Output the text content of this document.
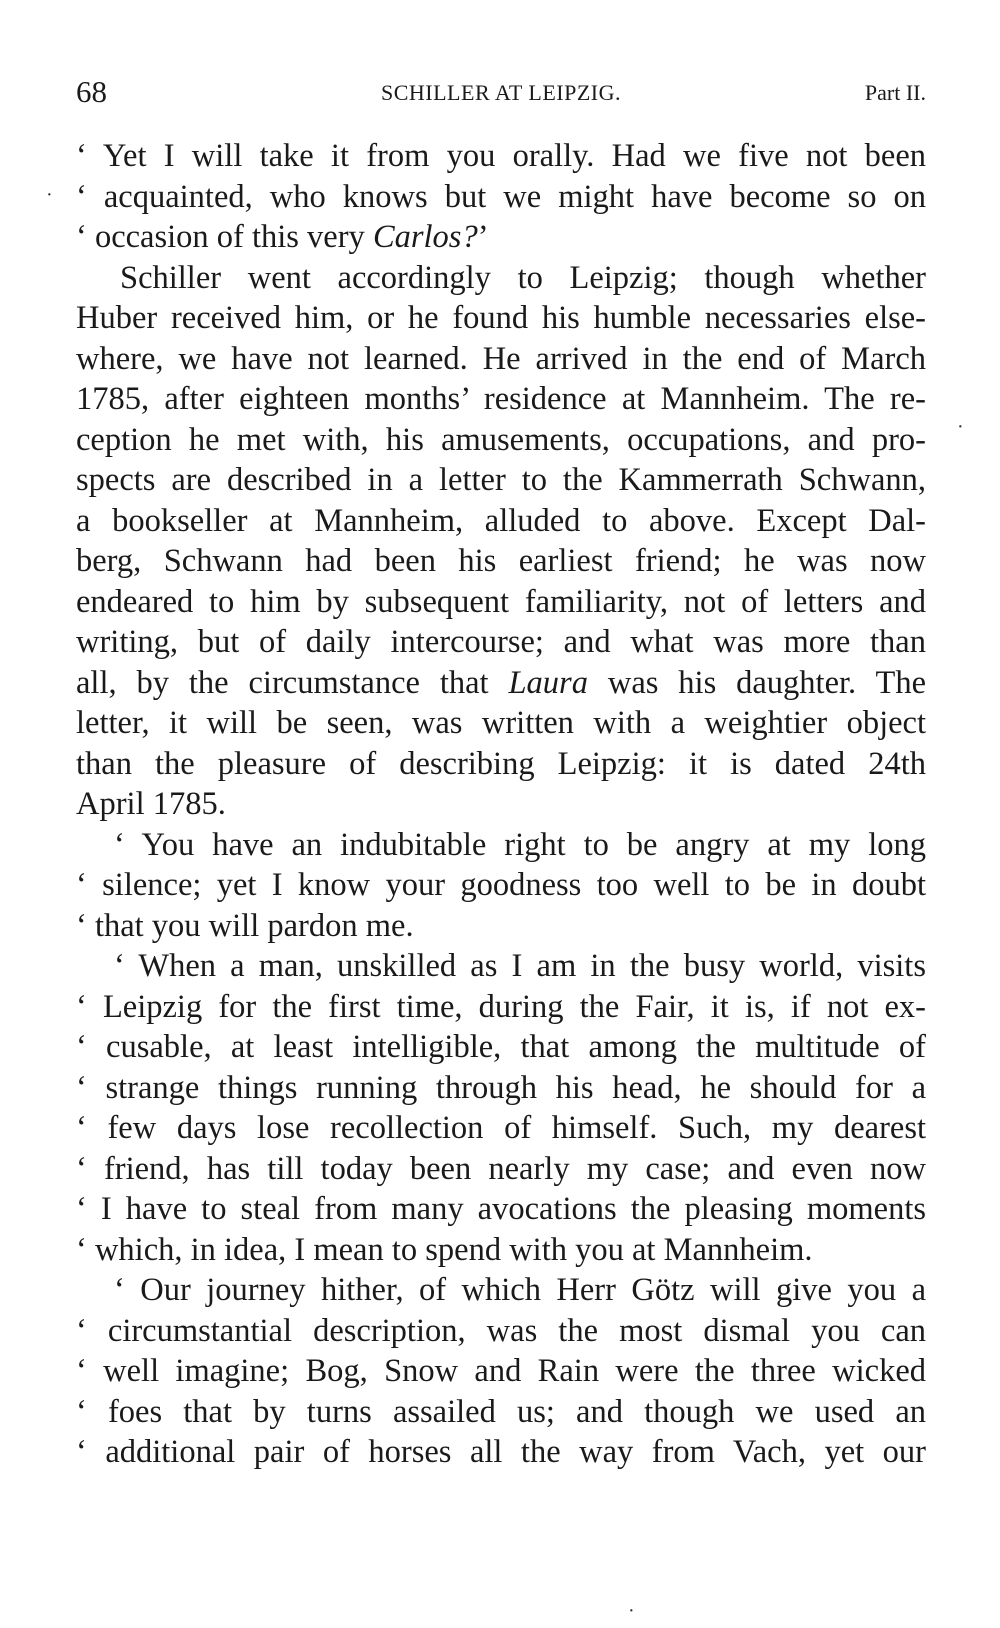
68	SCHILLER AT LEIPZIG.	Part II.
‘ Yet I will take it from you orally. Had we five not been
‘ acquainted, who knows but we might have become so on
‘ occasion of this very Carlos?’
Schiller went accordingly to Leipzig; though whether
Huber received him, or he found his humble necessaries else-
where, we have not learned. He arrived in the end of March
1785, after eighteen months’ residence at Mannheim. The re-
ception he met with, his amusements, occupations, and pro-
spects are described in a letter to the Kammerrath Schwann,
a bookseller at Mannheim, alluded to above. Except Dal-
berg, Schwann had been his earliest friend; he was now
endeared to him by subsequent familiarity, not of letters and
writing, but of daily intercourse; and what was more than
all, by the circumstance that Laura was his daughter. The
letter, it will be seen, was written with a weightier object
than the pleasure of describing Leipzig: it is dated 24th
April 1785.
‘ You have an indubitable right to be angry at my long
‘ silence; yet I know your goodness too well to be in doubt
‘ that you will pardon me.
‘ When a man, unskilled as I am in the busy world, visits
‘ Leipzig for the first time, during the Fair, it is, if not ex-
‘ cusable, at least intelligible, that among the multitude of
‘ strange things running through his head, he should for a
‘ few days lose recollection of himself. Such, my dearest
‘ friend, has till today been nearly my case; and even now
‘ I have to steal from many avocations the pleasing moments
‘ which, in idea, I mean to spend with you at Mannheim.
‘ Our journey hither, of which Herr Götz will give you a
‘ circumstantial description, was the most dismal you can
‘ well imagine; Bog, Snow and Rain were the three wicked
‘ foes that by turns assailed us; and though we used an
‘ additional pair of horses all the way from Vach, yet our
·
·
·
